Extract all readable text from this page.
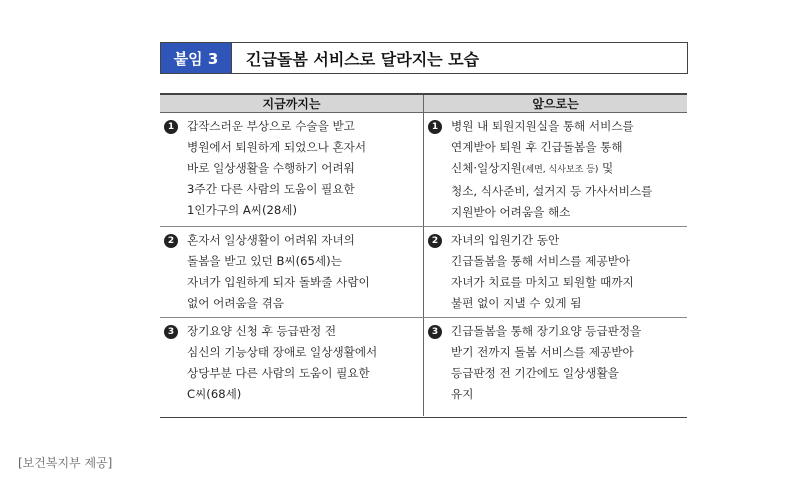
붙임 3	긴급돌봄 서비스로 달라지는 모습
지금까지는	앞으로는
1	갑작스러운 부상으로 수술을 받고
병원에서 퇴원하게 되었으나 혼자서
바로 일상생활을 수행하기 어려워
3주간 다른 사람의 도움이 필요한
1인가구의 A씨(28세)
1	병원 내 퇴원지원실을 통해 서비스를
연계받아 퇴원 후 긴급돌봄을 통해
신체·일상지원(세면, 식사보조 등) 및
청소, 식사준비, 설거지 등 가사서비스를
지원받아 어려움을 해소
2	혼자서 일상생활이 어려워 자녀의
돌봄을 받고 있던 B씨(65세)는
자녀가 입원하게 되자 돌봐줄 사람이
없어 어려움을 겪음
2	자녀의 입원기간 동안
긴급돌봄을 통해 서비스를 제공받아
자녀가 치료를 마치고 퇴원할 때까지
불편 없이 지낼 수 있게 됨
3	장기요양 신청 후 등급판정 전
심신의 기능상태 장애로 일상생활에서
상당부분 다른 사람의 도움이 필요한
C씨(68세)
3	긴급돌봄을 통해 장기요양 등급판정을
받기 전까지 돌봄 서비스를 제공받아
등급판정 전 기간에도 일상생활을
유지
[보건복지부 제공]
